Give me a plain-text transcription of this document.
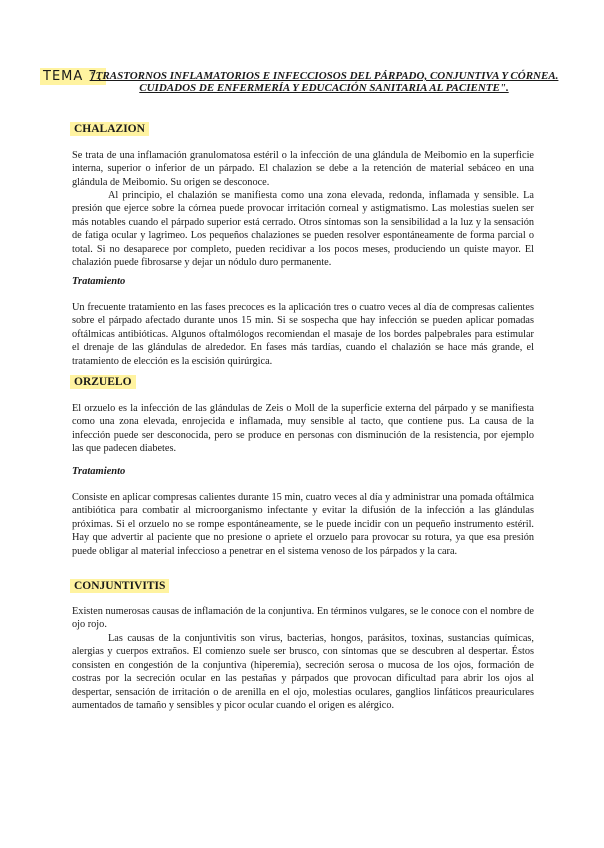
TEMA 7.
"TRASTORNOS INFLAMATORIOS E INFECCIOSOS DEL PÁRPADO, CONJUNTIVA Y CÓRNEA.
CUIDADOS DE ENFERMERÍA Y EDUCACIÓN SANITARIA AL PACIENTE".
CHALAZION

Se trata de una inflamación granulomatosa estéril o la infección de una glándula de Meibomio en la superficie interna, superior o inferior de un párpado. El chalazion se debe a la retención de material sebáceo en una glándula de Meibomio. Su origen se desconoce.

Al principio, el chalazión se manifiesta como una zona elevada, redonda, inflamada y sensible. La presión que ejerce sobre la córnea puede provocar irritación corneal y astigmatismo. Las molestias suelen ser más notables cuando el párpado superior está cerrado. Otros síntomas son la sensibilidad a la luz y la sensación de fatiga ocular y lagrimeo. Los pequeños chalaziones se pueden resolver espontáneamente de forma parcial o total. Si no desaparece por completo, pueden recidivar a los pocos meses, produciendo un quiste mayor. El chalazión puede fibrosarse y dejar un nódulo duro permanente.

Tratamiento

Un frecuente tratamiento en las fases precoces es la aplicación tres o cuatro veces al día de compresas calientes sobre el párpado afectado durante unos 15 min. Si se sospecha que hay infección se pueden aplicar pomadas oftálmicas antibióticas. Algunos oftalmólogos recomiendan el masaje de los bordes palpebrales para estimular el drenaje de las glándulas de alrededor. En fases más tardías, cuando el chalazión se hace más grande, el tratamiento de elección es la escisión quirúrgica.

ORZUELO

El orzuelo es la infección de las glándulas de Zeis o Moll de la superficie externa del párpado y se manifiesta como una zona elevada, enrojecida e inflamada, muy sensible al tacto, que contiene pus. La causa de la infección puede ser desconocida, pero se produce en personas con disminución de la resistencia, por ejemplo las que padecen diabetes.

Tratamiento

Consiste en aplicar compresas calientes durante 15 min, cuatro veces al día y administrar una pomada oftálmica antibiótica para combatir al microorganismo infectante y evitar la difusión de la infección a las glándulas próximas. Si el orzuelo no se rompe espontáneamente, se le puede incidir con un pequeño instrumento estéril. Hay que advertir al paciente que no presione o apriete el orzuelo para provocar su rotura, ya que esa presión puede obligar al material infeccioso a penetrar en el sistema venoso de los párpados y la cara.

CONJUNTIVITIS

Existen numerosas causas de inflamación de la conjuntiva. En términos vulgares, se le conoce con el nombre de ojo rojo.

Las causas de la conjuntivitis son virus, bacterias, hongos, parásitos, toxinas, sustancias químicas, alergias y cuerpos extraños. El comienzo suele ser brusco, con síntomas que se descubren al despertar. Éstos consisten en congestión de la conjuntiva (hiperemia), secreción serosa o mucosa de los ojos, formación de costras por la secreción ocular en las pestañas y párpados que provocan dificultad para abrir los ojos al despertar, sensación de irritación o de arenilla en el ojo, molestias oculares, ganglios linfáticos preauriculares aumentados de tamaño y sensibles y picor ocular cuando el origen es alérgico.
